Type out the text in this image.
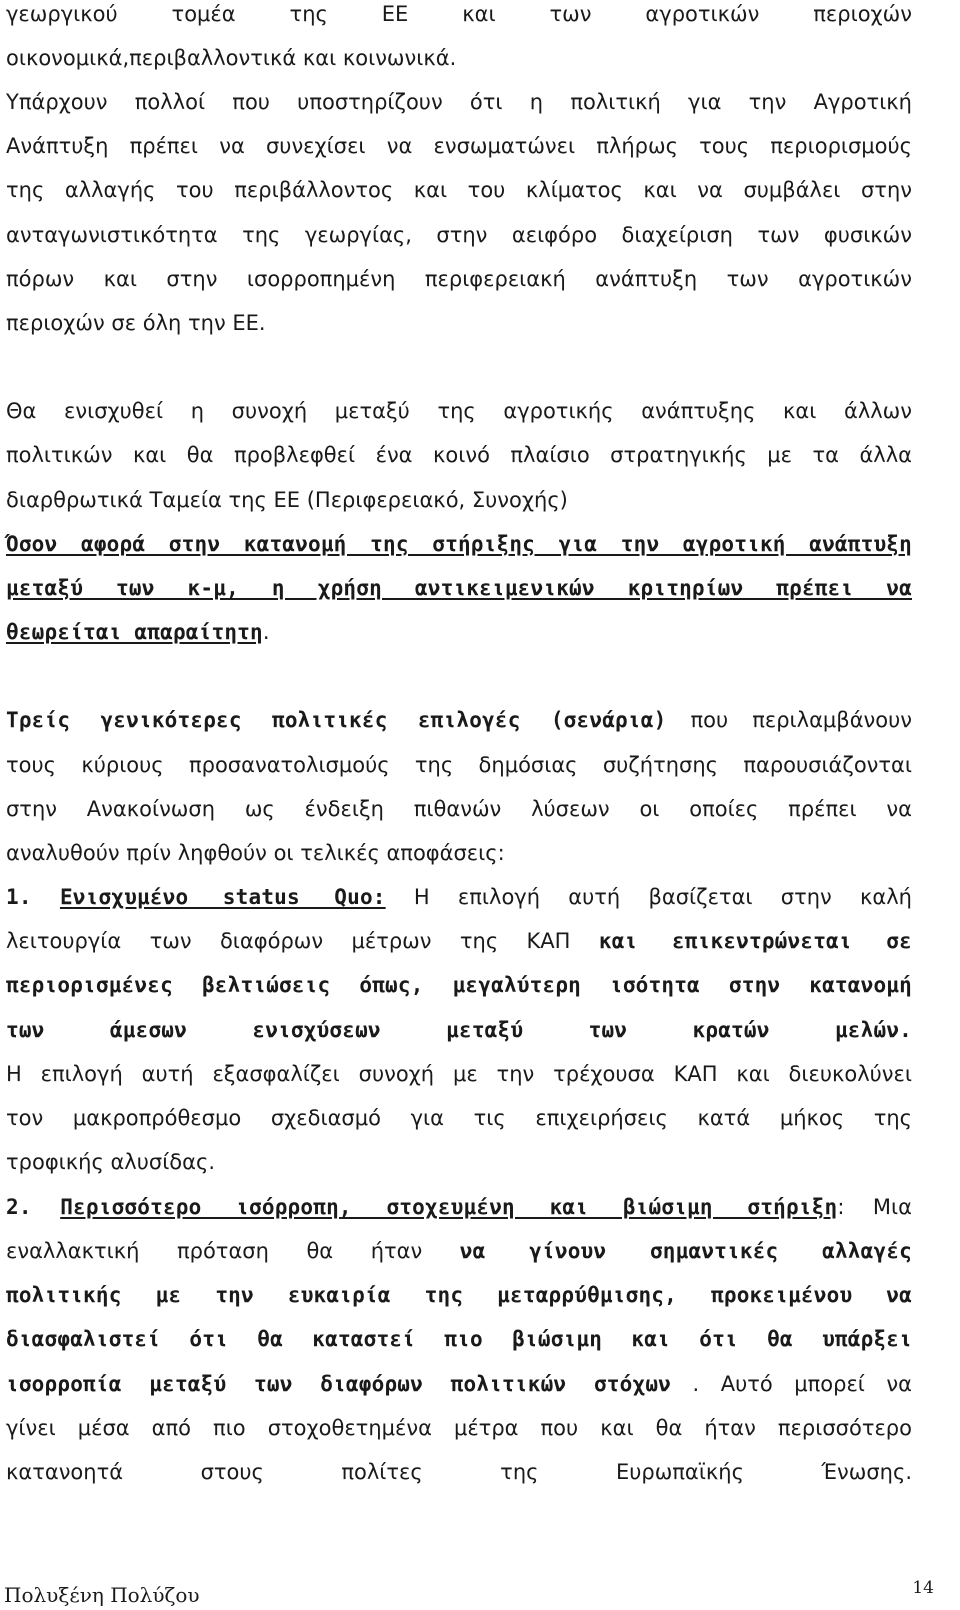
γεωργικού τομέα της ΕΕ και των αγροτικών περιοχών
οικονομικά,περιβαλλοντικά και κοινωνικά.
Υπάρχουν πολλοί που υποστηρίζουν ότι η πολιτική για την Αγροτική
Ανάπτυξη πρέπει να συνεχίσει να ενσωματώνει πλήρως τους περιορισμούς
της αλλαγής του περιβάλλοντος και του κλίματος και να συμβάλει στην
ανταγωνιστικότητα της γεωργίας, στην αειφόρο διαχείριση των φυσικών
πόρων και στην ισορροπημένη περιφερειακή ανάπτυξη των αγροτικών
περιοχών σε όλη την ΕΕ.
Θα ενισχυθεί η συνοχή μεταξύ της αγροτικής ανάπτυξης και άλλων
πολιτικών και θα προβλεφθεί ένα κοινό πλαίσιο στρατηγικής με τα άλλα
διαρθρωτικά Ταμεία της ΕΕ (Περιφερειακό, Συνοχής)
Όσον αφορά στην κατανομή της στήριξης για την αγροτική ανάπτυξη
μεταξύ των κ-μ, η χρήση αντικειμενικών κριτηρίων πρέπει να
θεωρείται απαραίτητη.
Τρείς γενικότερες πολιτικές επιλογές (σενάρια) που περιλαμβάνουν
τους κύριους προσανατολισμούς της δημόσιας συζήτησης παρουσιάζονται
στην Ανακοίνωση ως ένδειξη πιθανών λύσεων οι οποίες πρέπει να
αναλυθούν πρίν ληφθούν οι τελικές αποφάσεις:
1. Ενισχυμένο status Quo: Η επιλογή αυτή βασίζεται στην καλή
λειτουργία των διαφόρων μέτρων της ΚΑΠ και επικεντρώνεται σε
περιορισμένες βελτιώσεις όπως, μεγαλύτερη ισότητα στην κατανομή
των άμεσων ενισχύσεων μεταξύ των κρατών μελών.
Η επιλογή αυτή εξασφαλίζει συνοχή με την τρέχουσα ΚΑΠ και διευκολύνει
τον μακροπρόθεσμο σχεδιασμό για τις επιχειρήσεις κατά μήκος της
τροφικής αλυσίδας.
2. Περισσότερο ισόρροπη, στοχευμένη και βιώσιμη στήριξη: Μια
εναλλακτική πρόταση θα ήταν να γίνουν σημαντικές αλλαγές
πολιτικής με την ευκαιρία της μεταρρύθμισης, προκειμένου να
διασφαλιστεί ότι θα καταστεί πιο βιώσιμη και ότι θα υπάρξει
ισορροπία μεταξύ των διαφόρων πολιτικών στόχων . Αυτό μπορεί να
γίνει μέσα από πιο στοχοθετημένα μέτρα που και θα ήταν περισσότερο
κατανοητά στους πολίτες της Ευρωπαϊκής Ένωσης.
Πολυξένη Πολύζου	14
